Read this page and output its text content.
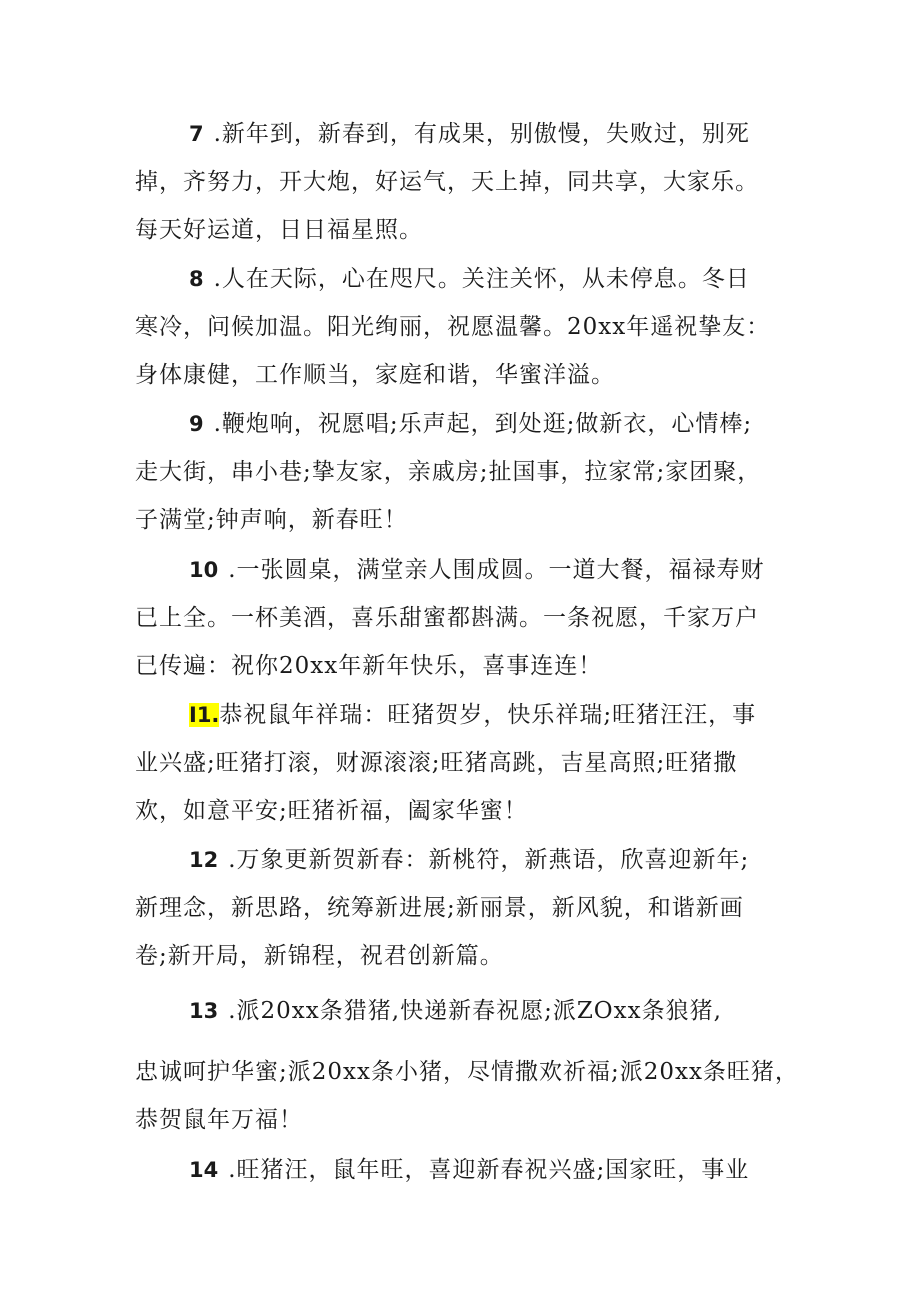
7 .新年到，新春到，有成果，别傲慢，失败过，别死
掉，齐努力，开大炮，好运气，天上掉，同共享，大家乐。
每天好运道，日日福星照。
8 .人在天际，心在咫尺。关注关怀，从未停息。冬日
寒冷，问候加温。阳光绚丽，祝愿温馨。20xx年遥祝挚友：
身体康健，工作顺当，家庭和谐，华蜜洋溢。
9 .鞭炮响，祝愿唱;乐声起，到处逛;做新衣，心情棒;
走大街，串小巷;挚友家，亲戚房;扯国事，拉家常;家团聚，
子满堂;钟声响，新春旺！
10 .一张圆桌，满堂亲人围成圆。一道大餐，福禄寿财
已上全。一杯美酒，喜乐甜蜜都斟满。一条祝愿，千家万户
已传遍：祝你20xx年新年快乐，喜事连连！
I1.恭祝鼠年祥瑞：旺猪贺岁，快乐祥瑞;旺猪汪汪，事
业兴盛;旺猪打滚，财源滚滚;旺猪高跳，吉星高照;旺猪撒
欢，如意平安;旺猪祈福，阖家华蜜！
12 .万象更新贺新春：新桃符，新燕语，欣喜迎新年;
新理念，新思路，统筹新进展;新丽景，新风貌，和谐新画
卷;新开局，新锦程，祝君创新篇。
13 .派20xx条猎猪,快递新春祝愿;派ZOxx条狼猪,
忠诚呵护华蜜;派20xx条小猪，尽情撒欢祈福;派20xx条旺猪，
恭贺鼠年万福！
14 .旺猪汪，鼠年旺，喜迎新春祝兴盛;国家旺，事业
